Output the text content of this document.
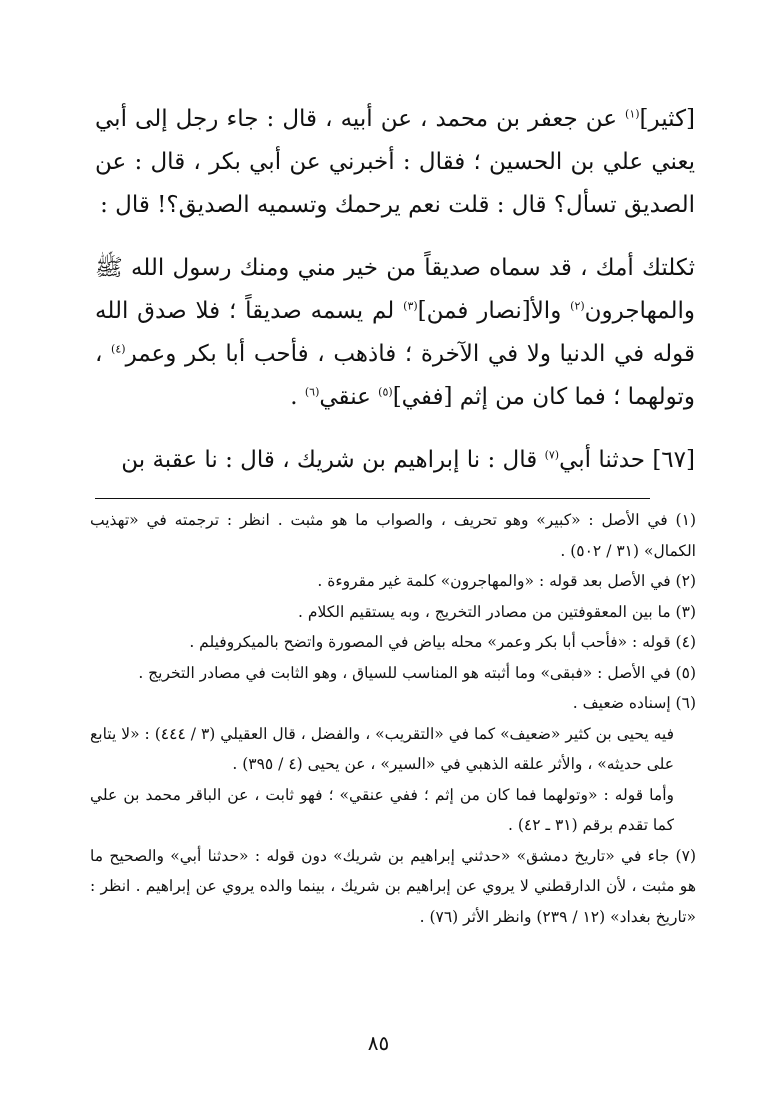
[كثير]$^{(١)}$ عن جعفر بن محمد ، عن أبيه ، قال : جاء رجل إلى أبي يعني علي بن الحسين ؛ فقال : أخبرني عن أبي بكر ، قال : عن الصديق تسأل؟ قال : قلت نعم يرحمك وتسميه الصديق؟! قال :

ثكلتك أمك ، قد سماه صديقاً من خير مني ومنك رسول الله ﷺ والمهاجرون$^{(٢)}$ والأ[نصار فمن]$^{(٣)}$ لم يسمه صديقاً ؛ فلا صدق الله قوله في الدنيا ولا في الآخرة ؛ فاذهب ، فأحب أبا بكر وعمر$^{(٤)}$ ، وتولهما ؛ فما كان من إثم [ففي]$^{(٥)}$ عنقي$^{(٦)}$ .

[٦٧] حدثنا أبي$^{(٧)}$ قال : نا إبراهيم بن شريك ، قال : نا عقبة بن

(١) في الأصل : «كبير» وهو تحريف ، والصواب ما هو مثبت . انظر : ترجمته في «تهذيب الكمال» (٣١ / ٥٠٢) .

(٢) في الأصل بعد قوله : «والمهاجرون» كلمة غير مقروءة .

(٣) ما بين المعقوفتين من مصادر التخريج ، وبه يستقيم الكلام .

(٤) قوله : «فأحب أبا بكر وعمر» محله بياض في المصورة واتضح بالميكروفيلم .

(٥) في الأصل : «فبقى» وما أثبته هو المناسب للسياق ، وهو الثابت في مصادر التخريج .

(٦) إسناده ضعيف .

فيه يحيى بن كثير «ضعيف» كما في «التقريب» ، والفضل ، قال العقيلي (٣ / ٤٤٤) : «لا يتابع على حديثه» ، والأثر علقه الذهبي في «السير» ، عن يحيى (٤ / ٣٩٥) .

وأما قوله : «وتولهما فما كان من إثم ؛ ففي عنقي» ؛ فهو ثابت ، عن الباقر محمد بن علي كما تقدم برقم (٣١ ـ ٤٢) .

(٧) جاء في «تاريخ دمشق» «حدثني إبراهيم بن شريك» دون قوله : «حدثنا أبي» والصحيح ما هو مثبت ، لأن الدارقطني لا يروي عن إبراهيم بن شريك ، بينما والده يروي عن إبراهيم . انظر : «تاريخ بغداد» (١٢ / ٢٣٩) وانظر الأثر (٧٦) .

٨٥
